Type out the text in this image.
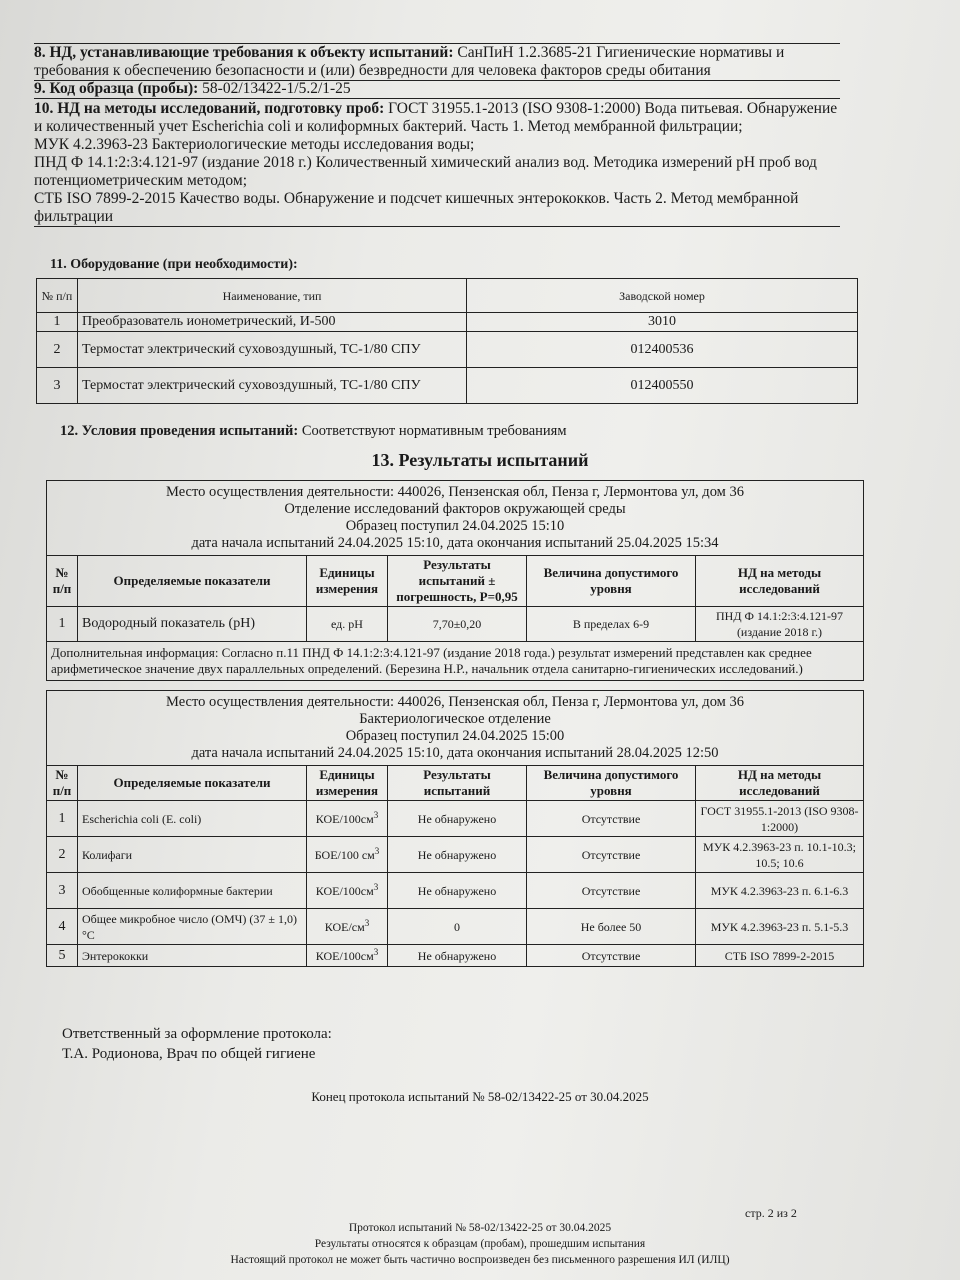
8. НД, устанавливающие требования к объекту испытаний: СанПиН 1.2.3685-21 Гигиенические нормативы и требования к обеспечению безопасности и (или) безвредности для человека факторов среды обитания
9. Код образца (пробы): 58-02/13422-1/5.2/1-25
10. НД на методы исследований, подготовку проб: ГОСТ 31955.1-2013 (ISO 9308-1:2000) Вода питьевая. Обнаружение и количественный учет Escherichia coli и колиформных бактерий. Часть 1. Метод мембранной фильтрации;
МУК 4.2.3963-23 Бактериологические методы исследования воды;
ПНД Ф 14.1:2:3:4.121-97 (издание 2018 г.) Количественный химический анализ вод. Методика измерений pH проб вод потенциометрическим методом;
СТБ ISO 7899-2-2015 Качество воды. Обнаружение и подсчет кишечных энтерококков. Часть 2. Метод мембранной фильтрации
11. Оборудование (при необходимости):
№ п/п	Наименование, тип	Заводской номер
1	Преобразователь иономeтрический, И-500	3010
2	Термостат электрический суховоздушный, ТС-1/80 СПУ	012400536
3	Термостат электрический суховоздушный, ТС-1/80 СПУ	012400550
12. Условия проведения испытаний: Соответствуют нормативным требованиям
13. Результаты испытаний
Место осуществления деятельности: 440026, Пензенская обл, Пенза г, Лермонтова ул, дом 36
Отделение исследований факторов окружающей среды
Образец поступил 24.04.2025 15:10
дата начала испытаний 24.04.2025 15:10, дата окончания испытаний 25.04.2025 15:34					

№ п/п	Определяемые показатели	Единицы измерения	Результаты испытаний ± погрешность, Р=0,95	Величина допустимого уровня	НД на методы исследований
1	Водородный показатель (pH)	ед. pH	7,70±0,20	В пределах 6-9	ПНД Ф 14.1:2:3:4.121-97 (издание 2018 г.)
Дополнительная информация: Согласно п.11 ПНД Ф 14.1:2:3:4.121-97 (издание 2018 года.) результат измерений представлен как среднее арифметическое значение двух параллельных определений. (Березина Н.Р., начальник отдела санитарно-гигиенических исследований.)					
Место осуществления деятельности: 440026, Пензенская обл, Пенза г, Лермонтова ул, дом 36
Бактериологическое отделение
Образец поступил 24.04.2025 15:00
дата начала испытаний 24.04.2025 15:10, дата окончания испытаний 28.04.2025 12:50					

№ п/п	Определяемые показатели	Единицы измерения	Результаты испытаний	Величина допустимого уровня	НД на методы исследований
1	Escherichia coli (E. coli)	КОЕ/$100см^3$	Не обнаружено	Отсутствие	ГОСТ 31955.1-2013 (ISO 9308-1:2000)
2	Колифаги	БОЕ/100 $см^3$	Не обнаружено	Отсутствие	МУК 4.2.3963-23 п. 10.1-10.3; 10.5; 10.6
3	Обобщенные колиформные бактерии	КОЕ/$100см^3$	Не обнаружено	Отсутствие	МУК 4.2.3963-23 п. 6.1-6.3
4	Общее микробное число (ОМЧ) (37 ± 1,0) °С	КОЕ/$см^3$	0	Не более 50	МУК 4.2.3963-23 п. 5.1-5.3
5	Энтерококки	КОЕ/$100см^3$	Не обнаружено	Отсутствие	СТБ ISO 7899-2-2015
Ответственный за оформление протокола:
Т.А. Родионова, Врач по общей гигиене
Конец протокола испытаний № 58-02/13422-25 от 30.04.2025
стр. 2 из 2
Протокол испытаний № 58-02/13422-25 от 30.04.2025
Результаты относятся к образцам (пробам), прошедшим испытания
Настоящий протокол не может быть частично воспроизведен без письменного разрешения ИЛ (ИЛЦ)
